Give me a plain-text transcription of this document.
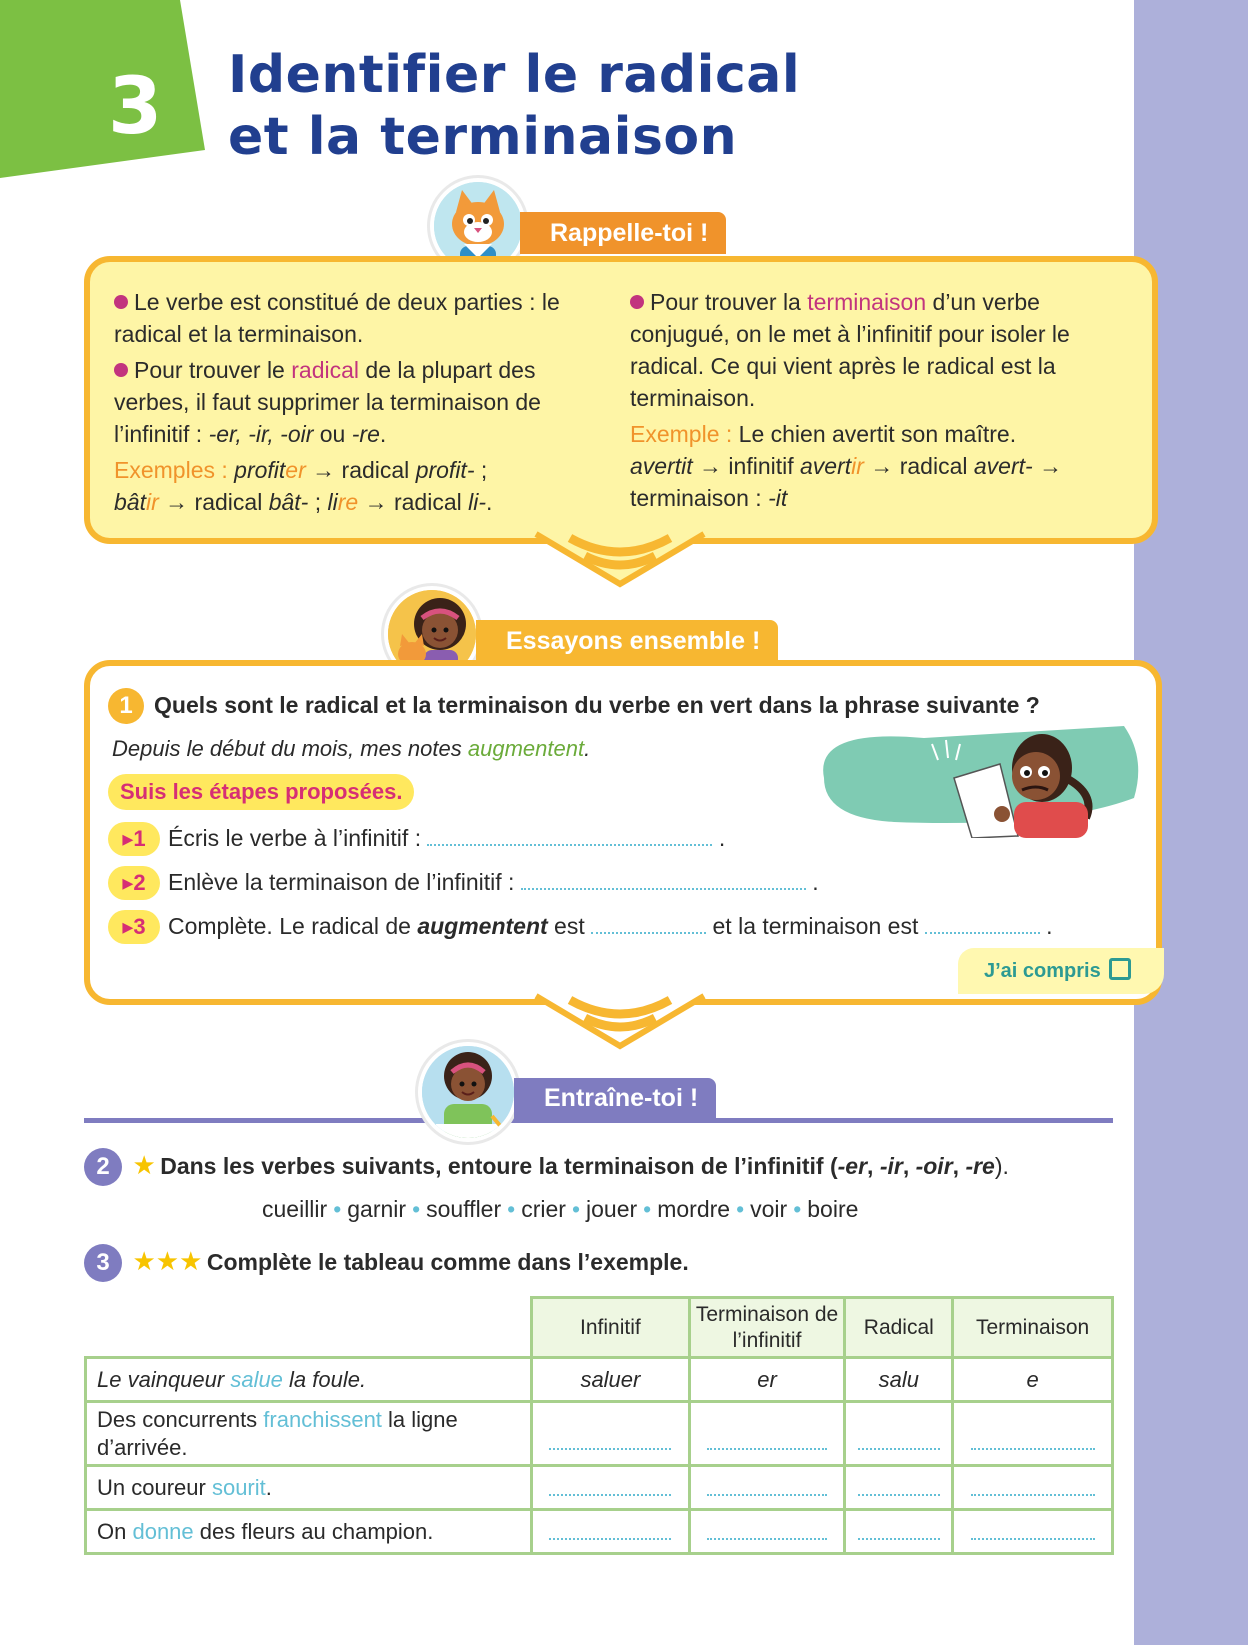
3 Identifier le radical
et la terminaison
Rappelle-toi !
Le verbe est constitué de deux parties : le radical et la terminaison.
Pour trouver le radical de la plupart des verbes, il faut supprimer la terminaison de l’infinitif : -er, -ir, -oir ou -re.
Exemples : profiter → radical profit- ;
bâtir → radical bât- ; lire → radical li-.
Pour trouver la terminaison d’un verbe conjugué, on le met à l’infinitif pour isoler le radical. Ce qui vient après le radical est la terminaison.
Exemple : Le chien avertit son maître.
avertit → infinitif avertir → radical avert- →
terminaison : -it
Essayons ensemble !
1 Quels sont le radical et la terminaison du verbe en vert dans la phrase suivante ?
Depuis le début du mois, mes notes augmentent.
Suis les étapes proposées.
▸1 Écris le verbe à l’infinitif :	.
▸2 Enlève la terminaison de l’infinitif :	.
▸3 Complète. Le radical de augmentent est	et la terminaison est	.
J’ai compris
Entraîne-toi !
2 ★ Dans les verbes suivants, entoure la terminaison de l’infinitif (-er, -ir, -oir, -re).
cueillir • garnir • souffler • crier • jouer • mordre • voir • boire
3 ★★★ Complète le tableau comme dans l’exemple.
	Infinitif	Terminaison de l’infinitif	Radical	Terminaison
Le vainqueur salue la foule.	saluer	er	salu	e
Des concurrents franchissent la ligne d’arrivée.				
Un coureur sourit.				
On donne des fleurs au champion.				
